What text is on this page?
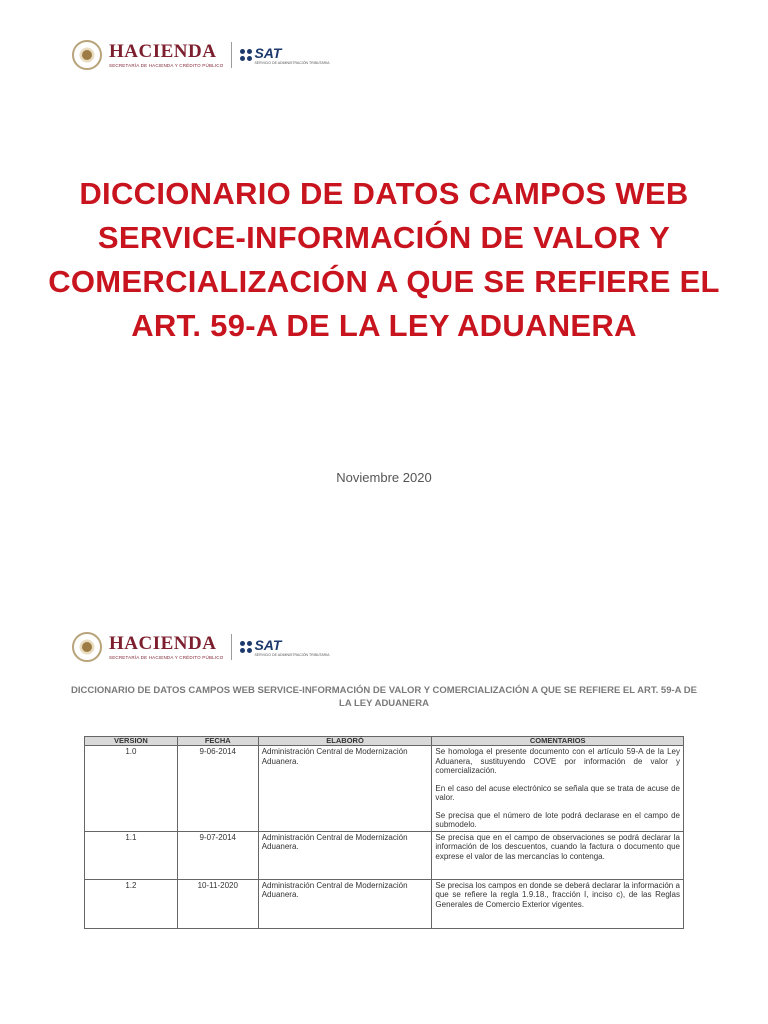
HACIENDA
SECRETARÍA DE HACIENDA Y CRÉDITO PÚBLICO
SAT
SERVICIO DE ADMINISTRACIÓN TRIBUTARIA
DICCIONARIO DE DATOS CAMPOS WEB SERVICE-INFORMACIÓN DE VALOR Y COMERCIALIZACIÓN A QUE SE REFIERE EL ART. 59-A DE LA LEY ADUANERA

Noviembre 2020

HACIENDA
SECRETARÍA DE HACIENDA Y CRÉDITO PÚBLICO
SAT
SERVICIO DE ADMINISTRACIÓN TRIBUTARIA

DICCIONARIO DE DATOS CAMPOS WEB SERVICE-INFORMACIÓN DE VALOR Y COMERCIALIZACIÓN A QUE SE REFIERE EL ART. 59-A DE LA LEY ADUANERA

VERSION	FECHA	ELABORÓ	COMENTARIOS
1.0	9-06-2014	Administración Central de Modernización Aduanera.	Se homologa el presente documento con el artículo 59-A de la Ley Aduanera, sustituyendo COVE por información de valor y comercialización.

En el caso del acuse electrónico se señala que se trata de acuse de valor.

Se precisa que el número de lote podrá declarase en el campo de submodelo.

1.1	9-07-2014	Administración Central de Modernización Aduanera.	Se precisa que en el campo de observaciones se podrá declarar la información de los descuentos, cuando la factura o documento que exprese el valor de las mercancías lo contenga.

1.2	10-11-2020	Administración Central de Modernización Aduanera.	Se precisa los campos en donde se deberá declarar la información a que se refiere la regla 1.9.18., fracción I, inciso c), de las Reglas Generales de Comercio Exterior vigentes.
